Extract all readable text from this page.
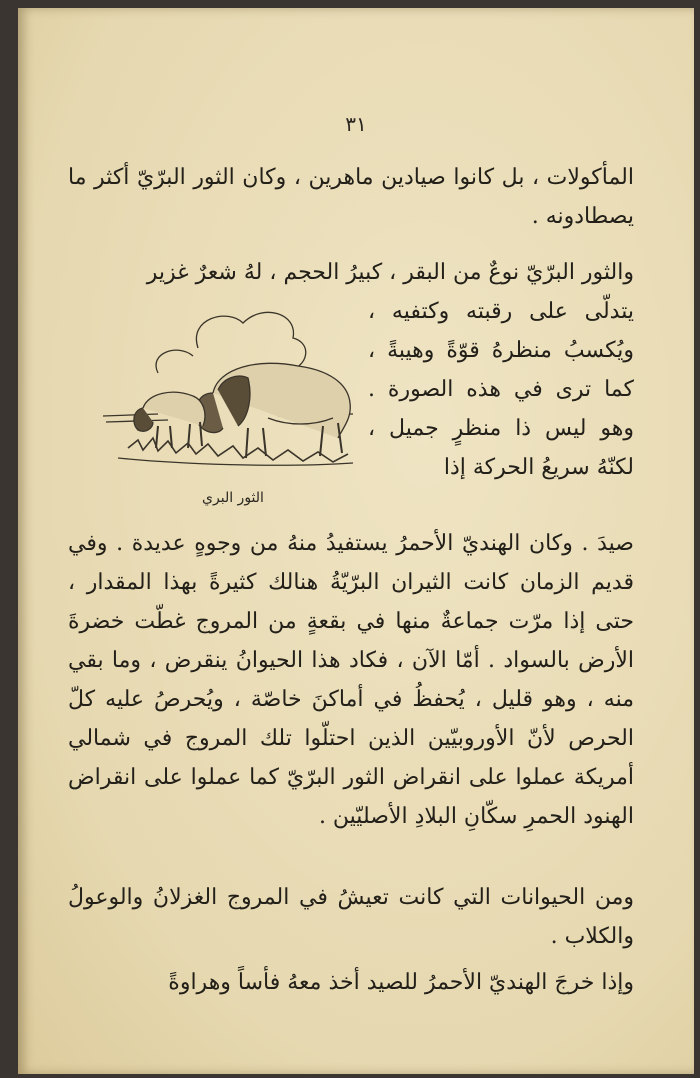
٣١
المأكولات ، بل كانوا صيادين ماهرين ، وكان الثور البرّيّ أكثر ما يصطادونه .
والثور البرّيّ نوعٌ من البقر ، كبيرُ الحجم ، لهُ شعرٌ غزير
يتدلّى على رقبته وكتفيه ، ويُكسبُ منظرهُ قوّةً وهيبةً ، كما ترى في هذه الصورة . وهو ليس ذا منظرٍ جميل ، لكنّهُ سريعُ الحركة إذا
الثور البري
صيدَ . وكان الهنديّ الأحمرُ يستفيدُ منهُ من وجوهٍ عديدة . وفي قديم الزمان كانت الثيران البرّيّةُ هنالك كثيرةً بهذا المقدار ، حتى إذا مرّت جماعةٌ منها في بقعةٍ من المروج غطّت خضرةَ الأرض بالسواد . أمّا الآن ، فكاد هذا الحيوانُ ينقرض ، وما بقي منه ، وهو قليل ، يُحفظُ في أماكنَ خاصّة ، ويُحرصُ عليه كلّ الحرص لأنّ الأوروبيّين الذين احتلّوا تلك المروج في شمالي أمريكة عملوا على انقراض الثور البرّيّ كما عملوا على انقراض الهنود الحمرِ سكّانِ البلادِ الأصليّين .
ومن الحيوانات التي كانت تعيشُ في المروج الغزلانُ والوعولُ والكلاب .
وإذا خرجَ الهنديّ الأحمرُ للصيد أخذ معهُ فأساً وهراوةً
